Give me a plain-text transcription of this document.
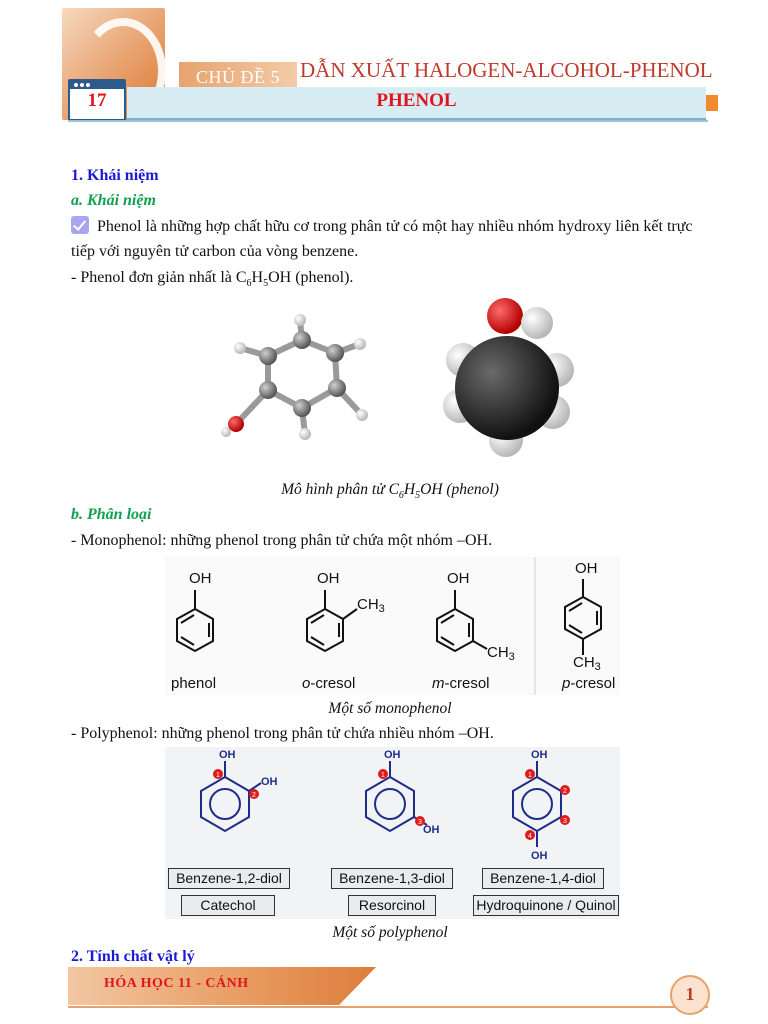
CHỦ ĐỀ 5 DẪN XUẤT HALOGEN-ALCOHOL-PHENOL
PHENOL
17
1. Khái niệm
a. Khái niệm
Phenol là những hợp chất hữu cơ trong phân tử có một hay nhiều nhóm hydroxy liên kết trực
tiếp với nguyên tử carbon của vòng benzene.
- Phenol đơn giản nhất là $C_6H_5OH$ (phenol).
Mô hình phân tử $C_6H_5OH$ (phenol)
b. Phân loại
- Monophenol: những phenol trong phân tử chứa một nhóm –OH.
OH	OH
$CH_3$
OH
$CH_3$
OH
$CH_3$
phenol	o-cresol	m-cresol	p-cresol
Một số monophenol
- Polyphenol: những phenol trong phân tử chứa nhiều nhóm –OH.
1
2
1
3
1
2
3
4
OH
OH
OH
OH
OH
OH
Benzene-1,2-diol	Benzene-1,3-diol	Benzene-1,4-diol
Catechol	Resorcinol	Hydroquinone / Quinol
Một số polyphenol
2. Tính chất vật lý
HÓA HỌC 11 - CÁNH
1
